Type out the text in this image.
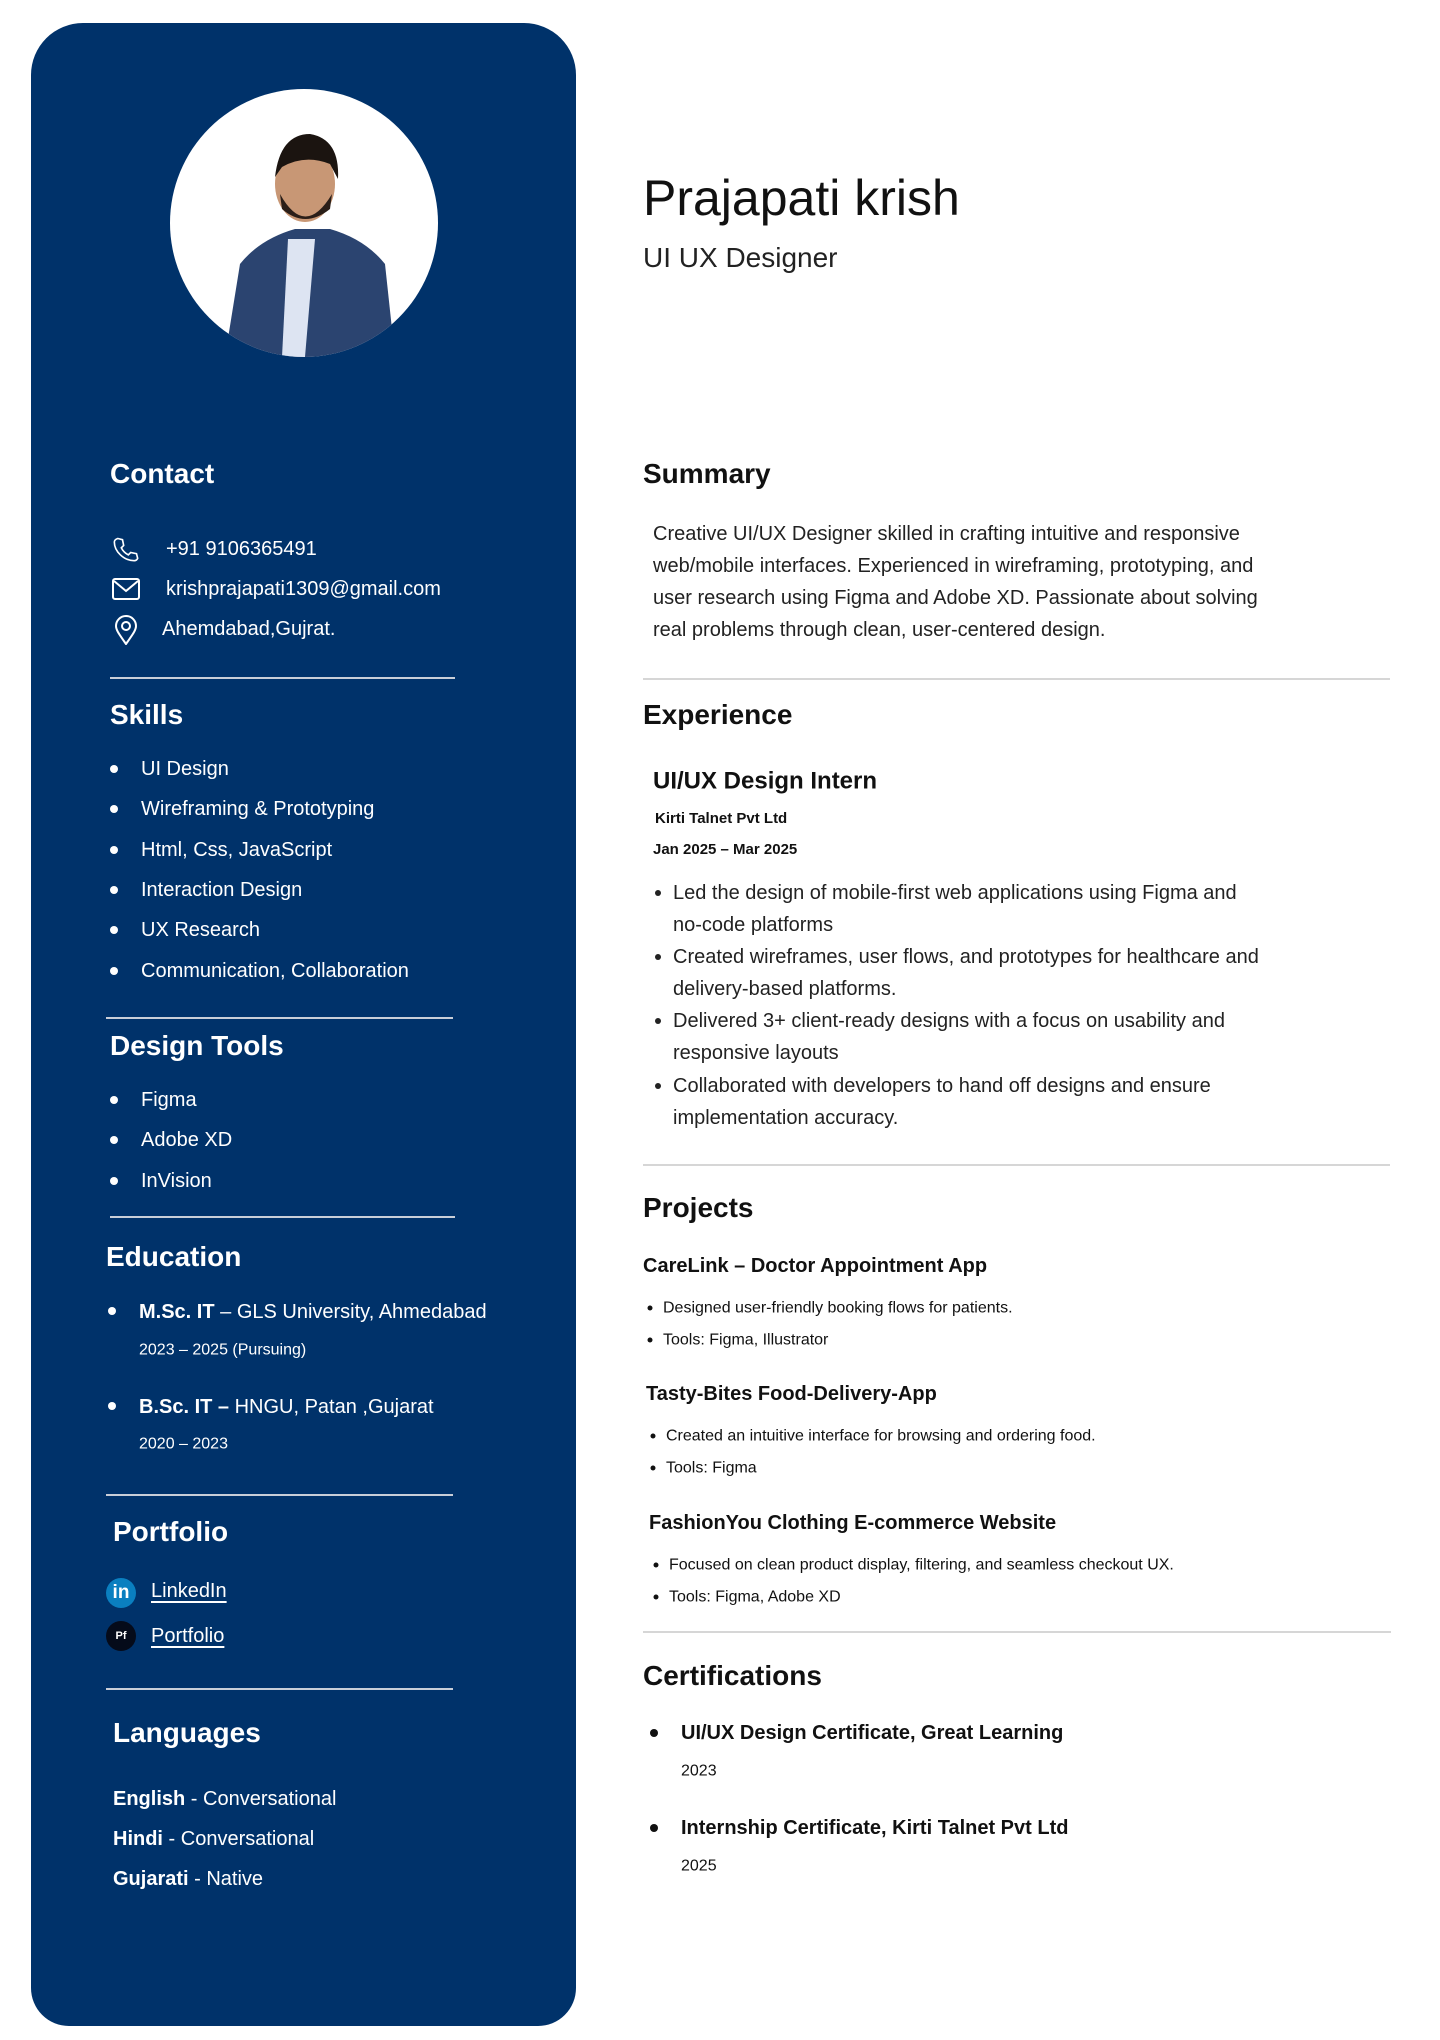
Prajapati krish
UI UX Designer
Contact
+91 9106365491
krishprajapati1309@gmail.com
Ahemdabad,Gujrat.
Skills
UI Design
Wireframing & Prototyping
Html, Css, JavaScript
Interaction Design
UX Research
Communication, Collaboration
Design Tools
Figma
Adobe XD
InVision
Education
M.Sc. IT – GLS University, Ahmedabad
2023 – 2025 (Pursuing)
B.Sc. IT – HNGU, Patan ,Gujarat
2020 – 2023
Portfolio
in	LinkedIn
Pf	Portfolio
Languages
English - Conversational
Hindi - Conversational
Gujarati - Native
Summary
Creative UI/UX Designer skilled in crafting intuitive and responsive
web/mobile interfaces. Experienced in wireframing, prototyping, and
user research using Figma and Adobe XD. Passionate about solving
real problems through clean, user-centered design.
Experience
UI/UX Design Intern
Kirti Talnet Pvt Ltd
Jan 2025 – Mar 2025
Led the design of mobile-first web applications using Figma and
no-code platforms
Created wireframes, user flows, and prototypes for healthcare and
delivery-based platforms.
Delivered 3+ client-ready designs with a focus on usability and
responsive layouts
Collaborated with developers to hand off designs and ensure
implementation accuracy.
Projects
CareLink – Doctor Appointment App
Designed user-friendly booking flows for patients.
Tools: Figma, Illustrator
Tasty-Bites Food-Delivery-App
Created an intuitive interface for browsing and ordering food.
Tools: Figma
FashionYou Clothing E-commerce Website
Focused on clean product display, filtering, and seamless checkout UX.
Tools: Figma, Adobe XD
Certifications
UI/UX Design Certificate, Great Learning
2023
Internship Certificate, Kirti Talnet Pvt Ltd
2025
